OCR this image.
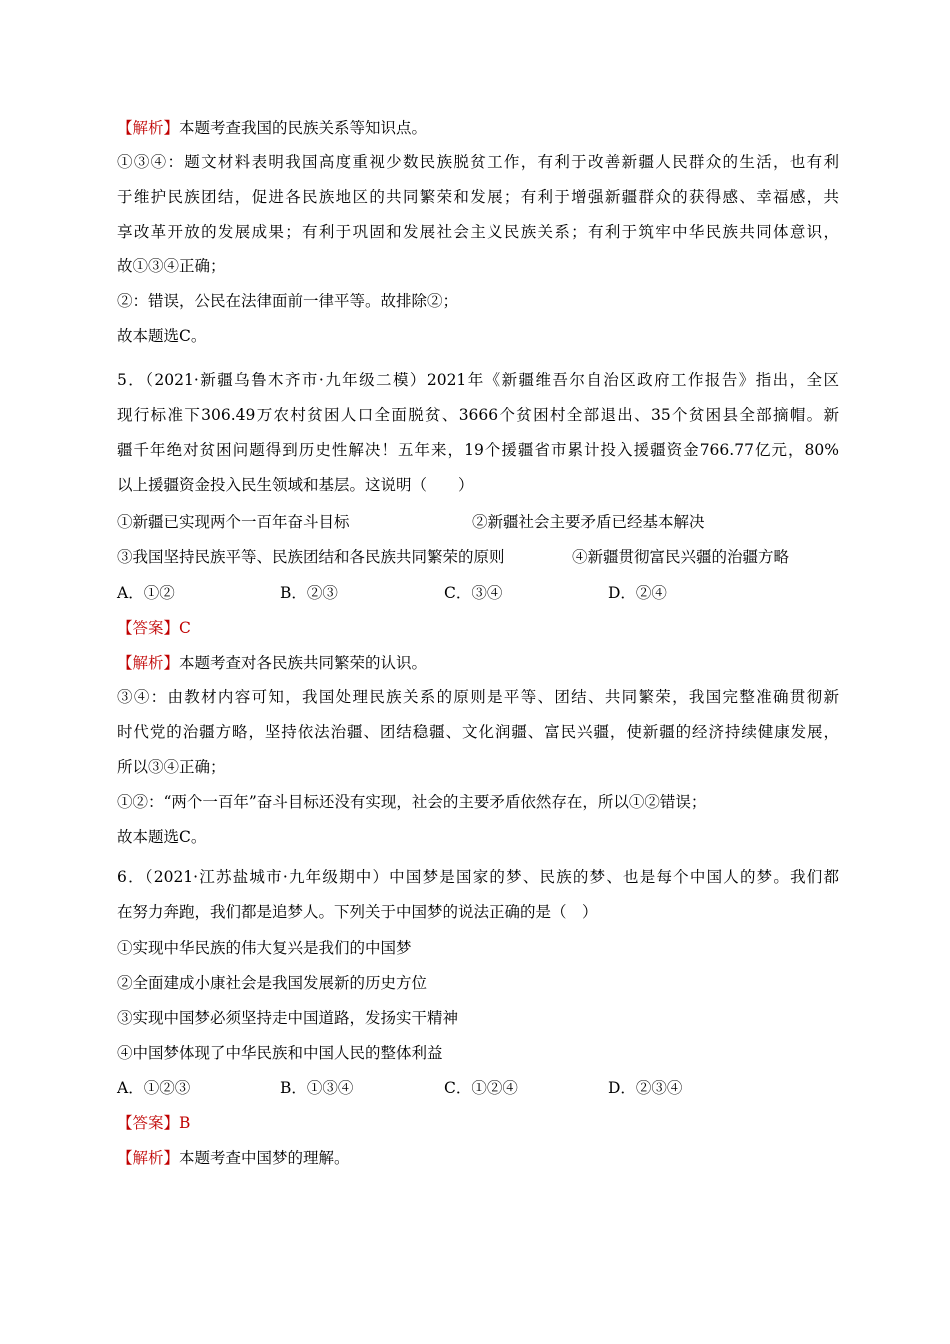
【解析】本题考查我国的民族关系等知识点。
①③④：题文材料表明我国高度重视少数民族脱贫工作，有利于改善新疆人民群众的生活，也有利
于维护民族团结，促进各民族地区的共同繁荣和发展；有利于增强新疆群众的获得感、幸福感，共
享改革开放的发展成果；有利于巩固和发展社会主义民族关系；有利于筑牢中华民族共同体意识，
故①③④正确；
②：错误，公民在法律面前一律平等。故排除②；
故本题选C。
5．（2021·新疆乌鲁木齐市·九年级二模）2021年《新疆维吾尔自治区政府工作报告》指出，全区
现行标准下306.49万农村贫困人口全面脱贫、3666个贫困村全部退出、35个贫困县全部摘帽。新
疆千年绝对贫困问题得到历史性解决！五年来，19个援疆省市累计投入援疆资金766.77亿元，80%
以上援疆资金投入民生领域和基层。这说明（　　）
①新疆已实现两个一百年奋斗目标	②新疆社会主要矛盾已经基本解决
③我国坚持民族平等、民族团结和各民族共同繁荣的原则	④新疆贯彻富民兴疆的治疆方略
A．①②	B．②③	C．③④	D．②④
【答案】C
【解析】本题考查对各民族共同繁荣的认识。
③④：由教材内容可知，我国处理民族关系的原则是平等、团结、共同繁荣，我国完整准确贯彻新
时代党的治疆方略，坚持依法治疆、团结稳疆、文化润疆、富民兴疆，使新疆的经济持续健康发展，
所以③④正确；
①②：“两个一百年”奋斗目标还没有实现，社会的主要矛盾依然存在，所以①②错误；
故本题选C。
6．（2021·江苏盐城市·九年级期中）中国梦是国家的梦、民族的梦、也是每个中国人的梦。我们都
在努力奔跑，我们都是追梦人。下列关于中国梦的说法正确的是（　）
①实现中华民族的伟大复兴是我们的中国梦
②全面建成小康社会是我国发展新的历史方位
③实现中国梦必须坚持走中国道路，发扬实干精神
④中国梦体现了中华民族和中国人民的整体利益
A．①②③	B．①③④	C．①②④	D．②③④
【答案】B
【解析】本题考查中国梦的理解。
